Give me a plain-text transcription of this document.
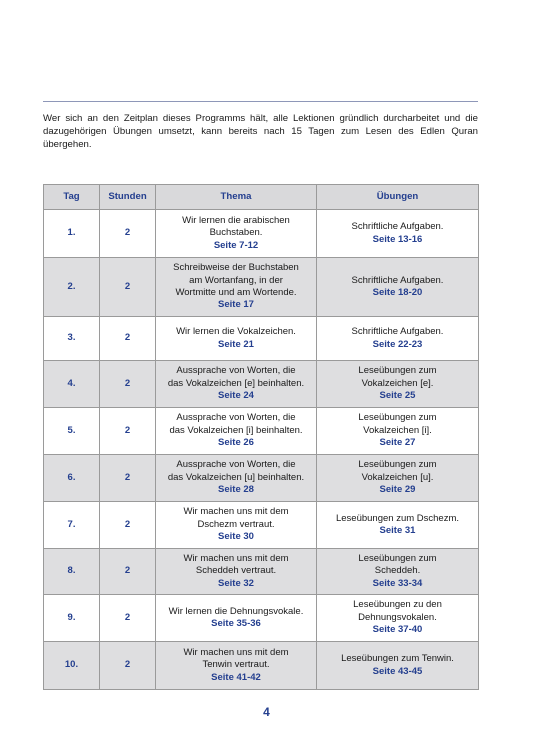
Wer sich an den Zeitplan dieses Programms hält, alle Lektionen gründlich durcharbeitet und die dazugehörigen Übungen umsetzt, kann bereits nach 15 Tagen zum Lesen des Edlen Quran übergehen.

Tag	Stunden	Thema	Übungen
1.	2	Wir lernen die arabischen
Buchstaben.
Seite 7-12	Schriftliche Aufgaben.
Seite 13-16

2.	2	Schreibweise der Buchstaben
am Wortanfang, in der
Wortmitte und am Wortende.
Seite 17	Schriftliche Aufgaben.
Seite 18-20

3.	2	Wir lernen die Vokalzeichen.
Seite 21	Schriftliche Aufgaben.
Seite 22-23

4.	2	Aussprache von Worten, die
das Vokalzeichen [e] beinhalten.
Seite 24	Leseübungen zum
Vokalzeichen [e].
Seite 25

5.	2	Aussprache von Worten, die
das Vokalzeichen [i] beinhalten.
Seite 26	Leseübungen zum
Vokalzeichen [i].
Seite 27

6.	2	Aussprache von Worten, die
das Vokalzeichen [u] beinhalten.
Seite 28	Leseübungen zum
Vokalzeichen [u].
Seite 29

7.	2	Wir machen uns mit dem
Dschezm vertraut.
Seite 30	Leseübungen zum Dschezm.
Seite 31

8.	2	Wir machen uns mit dem
Scheddeh vertraut.
Seite 32	Leseübungen zum
Scheddeh.
Seite 33-34

9.	2	Wir lernen die Dehnungsvokale.
Seite 35-36	Leseübungen zu den
Dehnungsvokalen.
Seite 37-40

10.	2	Wir machen uns mit dem
Tenwin vertraut.
Seite 41-42	Leseübungen zum Tenwin.
Seite 43-45
4
